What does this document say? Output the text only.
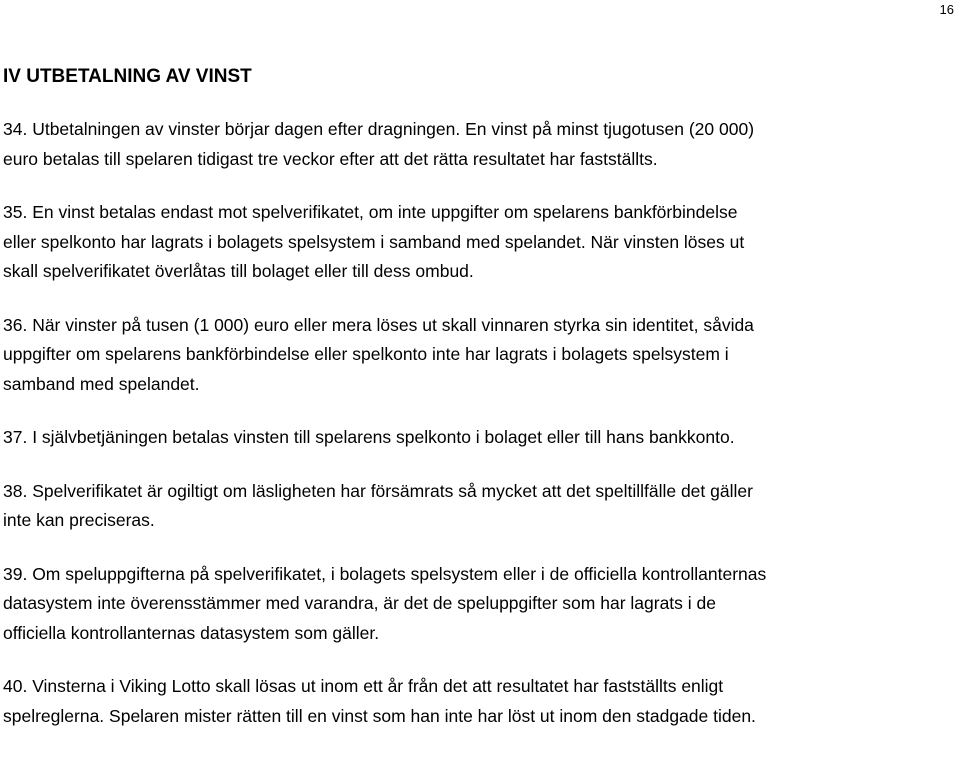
16
IV UTBETALNING AV VINST
34. Utbetalningen av vinster börjar dagen efter dragningen. En vinst på minst tjugotusen (20 000)
euro betalas till spelaren tidigast tre veckor efter att det rätta resultatet har fastställts.
35. En vinst betalas endast mot spelverifikatet, om inte uppgifter om spelarens bankförbindelse
eller spelkonto har lagrats i bolagets spelsystem i samband med spelandet. När vinsten löses ut
skall spelverifikatet överlåtas till bolaget eller till dess ombud.
36. När vinster på tusen (1 000) euro eller mera löses ut skall vinnaren styrka sin identitet, såvida
uppgifter om spelarens bankförbindelse eller spelkonto inte har lagrats i bolagets spelsystem i
samband med spelandet.
37. I självbetjäningen betalas vinsten till spelarens spelkonto i bolaget eller till hans bankkonto.
38. Spelverifikatet är ogiltigt om läsligheten har försämrats så mycket att det speltillfälle det gäller
inte kan preciseras.
39. Om speluppgifterna på spelverifikatet, i bolagets spelsystem eller i de officiella kontrollanternas
datasystem inte överensstämmer med varandra, är det de speluppgifter som har lagrats i de
officiella kontrollanternas datasystem som gäller.
40. Vinsterna i Viking Lotto skall lösas ut inom ett år från det att resultatet har fastställts enligt
spelreglerna. Spelaren mister rätten till en vinst som han inte har löst ut inom den stadgade tiden.
